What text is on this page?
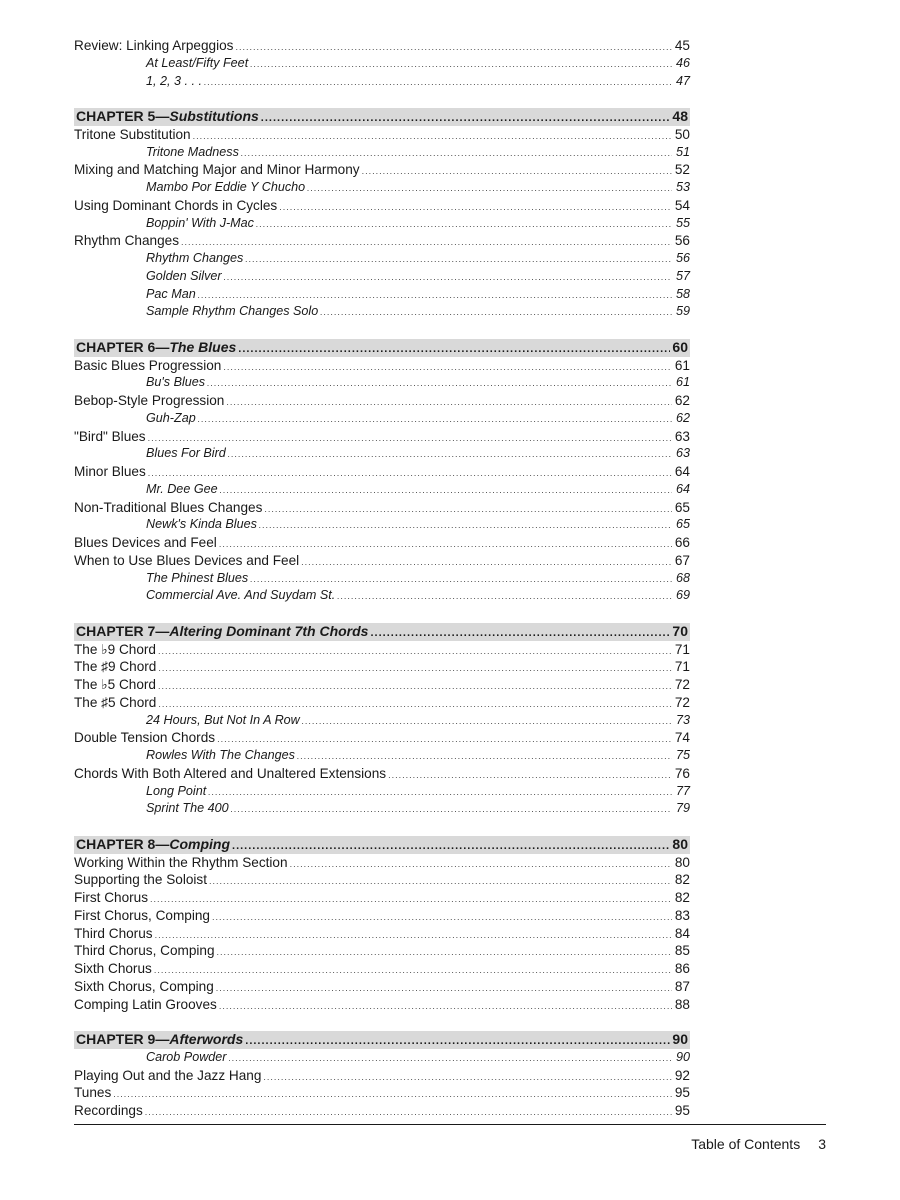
Review: Linking Arpeggios .....	45
At Least/Fifty Feet .....	46
1, 2, 3 . . . .....	47
CHAPTER 5—Substitutions .....	48
Tritone Substitution .....	50
Tritone Madness .....	51
Mixing and Matching Major and Minor Harmony .....	52
Mambo Por Eddie Y Chucho .....	53
Using Dominant Chords in Cycles .....	54
Boppin' With J-Mac .....	55
Rhythm Changes .....	56
Rhythm Changes .....	56
Golden Silver .....	57
Pac Man .....	58
Sample Rhythm Changes Solo .....	59
CHAPTER 6—The Blues .....	60
Basic Blues Progression .....	61
Bu's Blues .....	61
Bebop-Style Progression .....	62
Guh-Zap .....	62
"Bird" Blues .....	63
Blues For Bird .....	63
Minor Blues .....	64
Mr. Dee Gee .....	64
Non-Traditional Blues Changes .....	65
Newk's Kinda Blues .....	65
Blues Devices and Feel .....	66
When to Use Blues Devices and Feel .....	67
The Phinest Blues .....	68
Commercial Ave. And Suydam St. .....	69
CHAPTER 7—Altering Dominant 7th Chords .....	70
The ♭9 Chord .....	71
The ♯9 Chord .....	71
The ♭5 Chord .....	72
The ♯5 Chord .....	72
24 Hours, But Not In A Row .....	73
Double Tension Chords .....	74
Rowles With The Changes .....	75
Chords With Both Altered and Unaltered Extensions .....	76
Long Point .....	77
Sprint The 400 .....	79
CHAPTER 8—Comping .....	80
Working Within the Rhythm Section .....	80
Supporting the Soloist .....	82
First Chorus .....	82
First Chorus, Comping .....	83
Third Chorus .....	84
Third Chorus, Comping .....	85
Sixth Chorus .....	86
Sixth Chorus, Comping .....	87
Comping Latin Grooves .....	88
CHAPTER 9—Afterwords .....	90
Carob Powder .....	90
Playing Out and the Jazz Hang .....	92
Tunes .....	95
Recordings .....	95
Table of Contents 3
